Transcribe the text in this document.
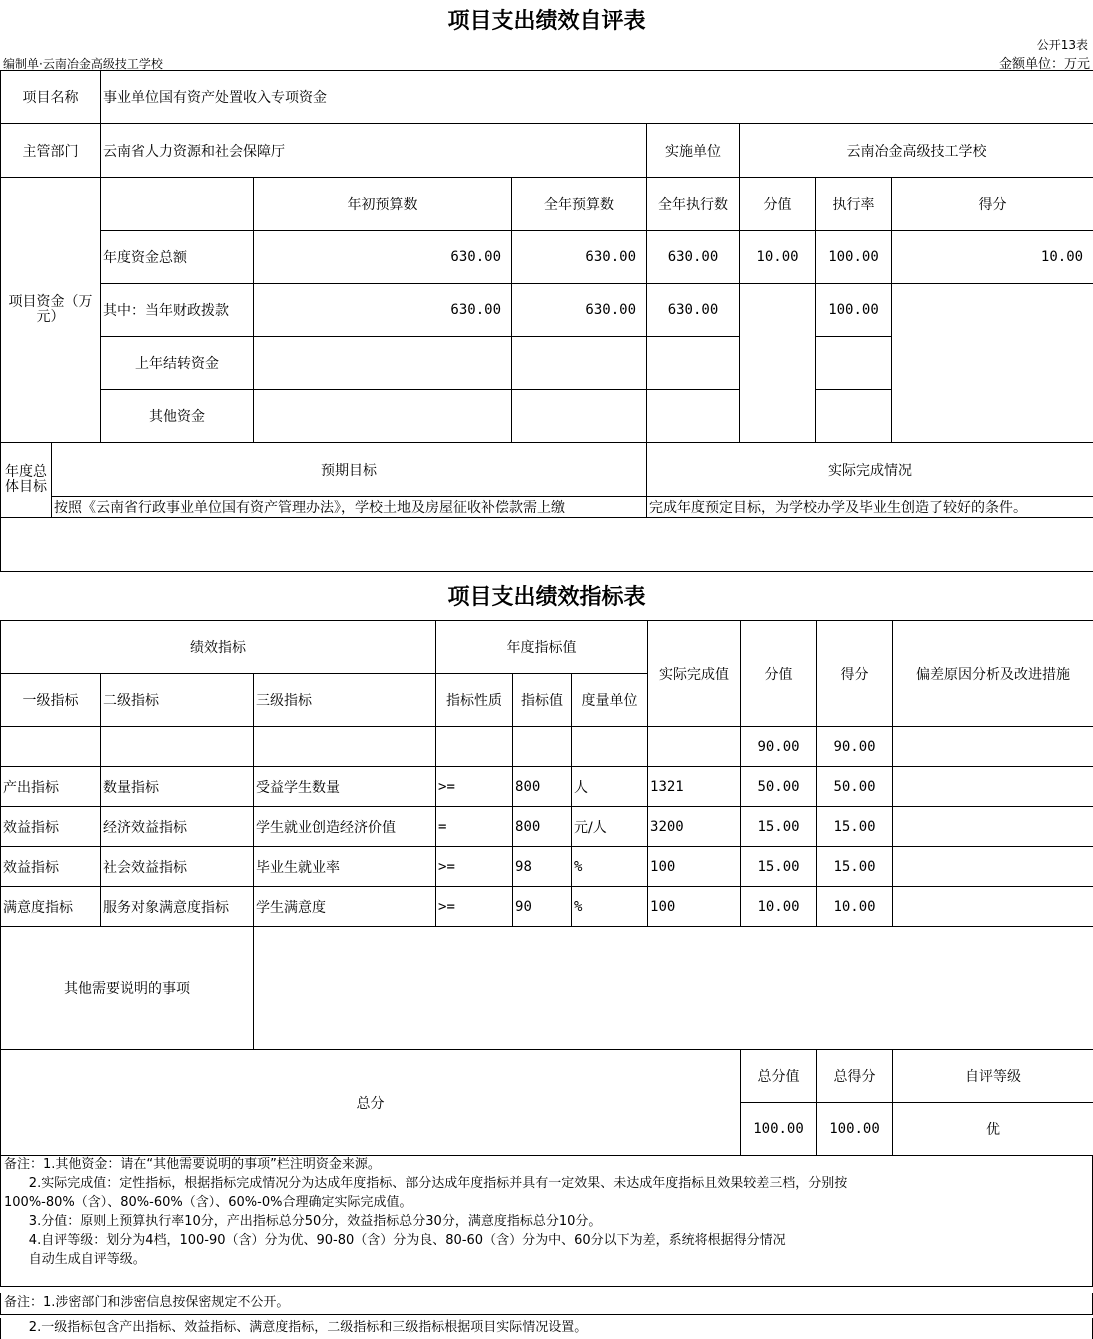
项目支出绩效自评表
公开13表
编制单·云南冶金高级技工学校	金额单位：万元
项目名称		事业单位国有资产处置收入专项资金						
主管部门		云南省人力资源和社会保障厅			实施单位	云南冶金高级技工学校		
项目资金（万元）			年初预算数	全年预算数	全年执行数	分值	执行率	得分
		年度资金总额	630.00	630.00	630.00	10.00	100.00	10.00
		其中：当年财政拨款	630.00	630.00	630.00		100.00	
		上年结转资金						
		其他资金						
年度总体目标	预期目标				实际完成情况			
	按照《云南省行政事业单位国有资产管理办法》，学校土地及房屋征收补偿款需上缴				完成年度预定目标，为学校办学及毕业生创造了较好的条件。			

项目支出绩效指标表
绩效指标			年度指标值			实际完成值	分值	得分	偏差原因分析及改进措施
一级指标	二级指标	三级指标	指标性质	指标值	度量单位				
							90.00	90.00	
产出指标	数量指标	受益学生数量	>=	800	人	1321	50.00	50.00	
效益指标	经济效益指标	学生就业创造经济价值	=	800	元/人	3200	15.00	15.00	
效益指标	社会效益指标	毕业生就业率	>=	98	%	100	15.00	15.00	
满意度指标	服务对象满意度指标	学生满意度	>=	90	%	100	10.00	10.00	
其他需要说明的事项									
总分							总分值	总得分	自评等级
							100.00	100.00	优
备注：1.其他资金：请在“其他需要说明的事项”栏注明资金来源。
2.实际完成值：定性指标，根据指标完成情况分为达成年度指标、部分达成年度指标并具有一定效果、未达成年度指标且效果较差三档，分别按
100%-80%（含）、80%-60%（含）、60%-0%合理确定实际完成值。
3.分值：原则上预算执行率10分，产出指标总分50分，效益指标总分30分，满意度指标总分10分。
4.自评等级：划分为4档，100-90（含）分为优、90-80（含）分为良、80-60（含）分为中、60分以下为差，系统将根据得分情况
自动生成自评等级。
备注：1.涉密部门和涉密信息按保密规定不公开。
2.一级指标包含产出指标、效益指标、满意度指标，二级指标和三级指标根据项目实际情况设置。
